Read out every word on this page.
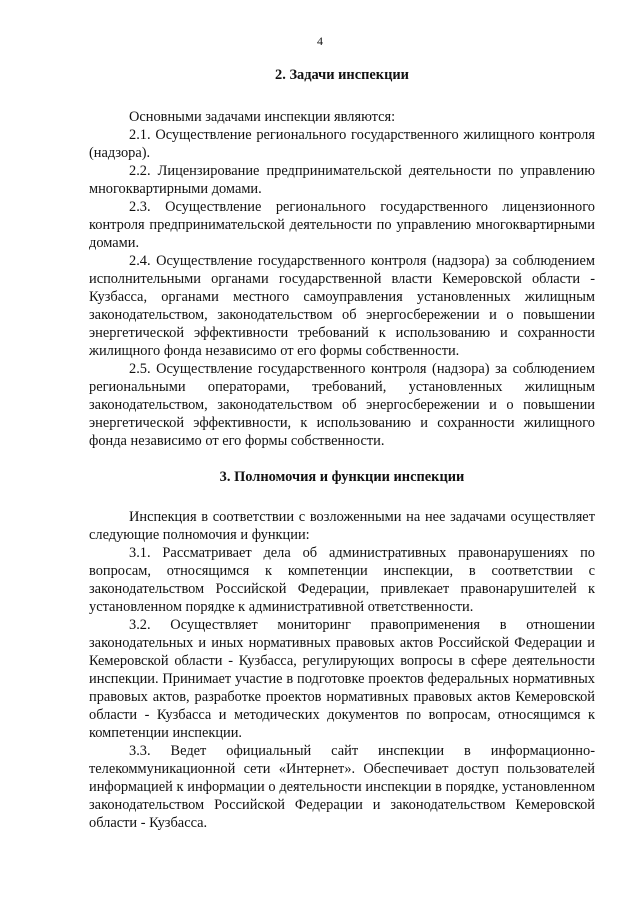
4

2. Задачи инспекции

Основными задачами инспекции являются:

2.1. Осуществление регионального государственного жилищного контроля (надзора).

2.2. Лицензирование предпринимательской деятельности по управлению многоквартирными домами.

2.3. Осуществление регионального государственного лицензионного контроля предпринимательской деятельности по управлению многоквартирными домами.

2.4. Осуществление государственного контроля (надзора) за соблюдением исполнительными органами государственной власти Кемеровской области - Кузбасса, органами местного самоуправления установленных жилищным законодательством, законодательством об энергосбережении и о повышении энергетической эффективности требований к использованию и сохранности жилищного фонда независимо от его формы собственности.

2.5. Осуществление государственного контроля (надзора) за соблюдением региональными операторами, требований, установленных жилищным законодательством, законодательством об энергосбережении и о повышении энергетической эффективности, к использованию и сохранности жилищного фонда независимо от его формы собственности.

3. Полномочия и функции инспекции

Инспекция в соответствии с возложенными на нее задачами осуществляет следующие полномочия и функции:

3.1. Рассматривает дела об административных правонарушениях по вопросам, относящимся к компетенции инспекции, в соответствии с законодательством Российской Федерации, привлекает правонарушителей к установленном порядке к административной ответственности.

3.2. Осуществляет мониторинг правоприменения в отношении законодательных и иных нормативных правовых актов Российской Федерации и Кемеровской области - Кузбасса, регулирующих вопросы в сфере деятельности инспекции. Принимает участие в подготовке проектов федеральных нормативных правовых актов, разработке проектов нормативных правовых актов Кемеровской области - Кузбасса и методических документов по вопросам, относящимся к компетенции инспекции.

3.3. Ведет официальный сайт инспекции в информационно-телекоммуникационной сети «Интернет». Обеспечивает доступ пользователей информацией к информации о деятельности инспекции в порядке, установленном законодательством Российской Федерации и законодательством Кемеровской области - Кузбасса.
